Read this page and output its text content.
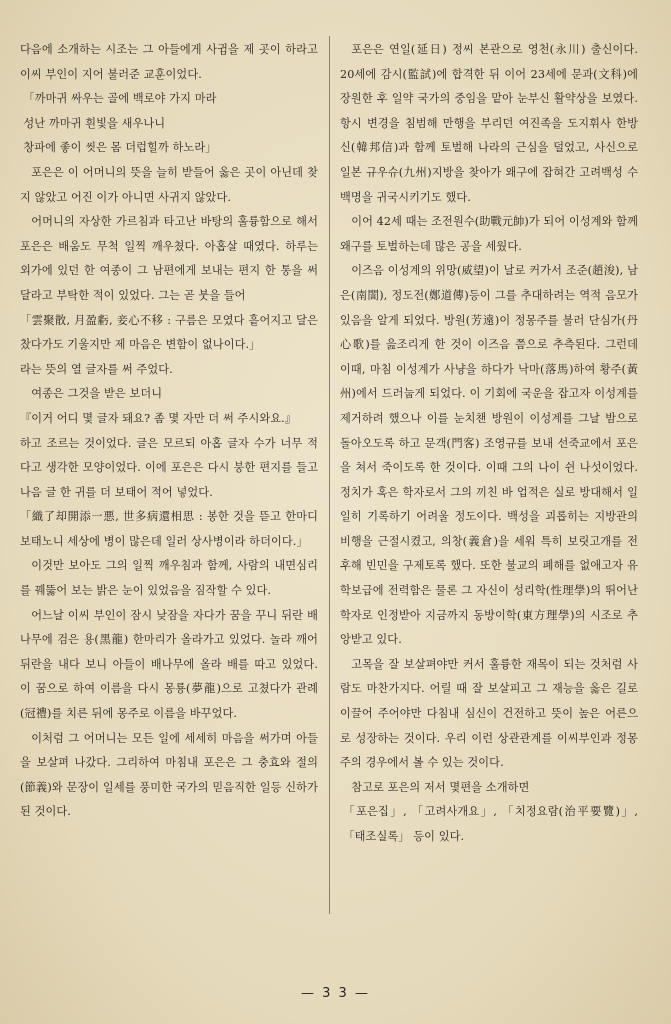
다음에 소개하는 시조는 그 아들에게 사귐을 제 곳이 하라고 이씨 부인이 지어 불러준 교훈이었다.

「까마귀 싸우는 골에 백로야 가지 마라

성난 까마귀 흰빛을 새우나니

창파에 좋이 씻은 몸 더럽힐까 하노라」

포은은 이 어머니의 뜻을 늘히 받들어 옳은 곳이 아닌데 찾지 않았고 어진 이가 아니면 사귀지 않았다.

어머니의 자상한 가르침과 타고난 바탕의 훌륭함으로 해서 포은은 배움도 무척 일찍 깨우쳤다. 아홉살 때였다. 하루는 외가에 있던 한 여종이 그 남편에게 보내는 편지 한 통을 써달라고 부탁한 적이 있었다. 그는 곧 붓을 들어

「雲聚散, 月盈虧, 妾心不移 : 구름은 모였다 흩어지고 달은 찼다가도 기울지만 제 마음은 변함이 없나이다.」

라는 뜻의 열 글자를 써 주었다.

여종은 그것을 받은 보더니

『이거 어디 몇 글자 돼요? 좀 몇 자만 더 써 주시와요.』

하고 조르는 것이었다. 글은 모르되 아홉 글자 수가 너무 적다고 생각한 모양이었다. 이에 포은은 다시 붕한 편지를 들고 나음 글 한 귀를 더 보태어 적어 넣었다.

「織了却開添一悪, 世多病還相思 : 봉한 것을 뜯고 한마디 보태노니 세상에 병이 많은데 일러 상사병이라 하더이다.」

이것만 보아도 그의 일찍 깨우침과 함께, 사람의 내면심리를 꿰뚫어 보는 밝은 눈이 있었음을 짐작할 수 있다.

어느날 이씨 부인이 잠시 낮잠을 자다가 꿈을 꾸니 뒤란 배나무에 검은 용(黑龍) 한마리가 올라가고 있었다. 놀라 깨어 뒤란을 내다 보니 아들이 배나무에 올라 배를 따고 있었다. 이 꿈으로 하여 이름을 다시 몽룡(夢龍)으로 고쳤다가 관례(冠禮)를 치른 뒤에 몽주로 이름을 바꾸었다.

이처럼 그 어머니는 모든 일에 세세히 마음을 써가며 아들을 보살펴 나갔다. 그리하여 마침내 포은은 그 충효와 절의(節義)와 문장이 일세를 풍미한 국가의 믿음직한 일등 신하가 된 것이다.

포은은 연일(延日) 정씨 본관으로 영천(永川) 출신이다. 20세에 감시(監試)에 합격한 뒤 이어 23세에 문과(文科)에 장원한 후 일약 국가의 중임을 맡아 눈부신 활약상을 보였다. 항시 변경을 침범해 만행을 부리던 여진족을 도지휘사 한방신(韓邦信)과 함께 토벌해 나라의 근심을 덜었고, 사신으로 일본 규우슈(九州)지방을 찾아가 왜구에 잡혀간 고려백성 수백명을 귀국시키기도 했다.

이어 42세 때는 조전원수(助戰元帥)가 되어 이성계와 함께 왜구를 토벌하는데 많은 공을 세웠다.

이즈음 이성계의 위망(威望)이 날로 커가서 조준(趙浚), 남은(南誾), 정도전(鄭道傳)등이 그를 추대하려는 역적 음모가 있음을 알게 되었다. 방원(芳遠)이 정몽주를 불러 단심가(丹心歌)를 읊조리게 한 것이 이즈음 쯤으로 추측된다. 그런데 이때, 마침 이성계가 사냥을 하다가 낙마(落馬)하여 황주(黃州)에서 드러눕게 되었다. 이 기회에 국운을 잡고자 이성계를 제거하려 했으나 이를 눈치챈 방원이 이성계를 그날 밤으로 돌아오도록 하고 문객(門客) 조영규를 보내 선죽교에서 포은을 쳐서 죽이도록 한 것이다. 이때 그의 나이 쉰 나섯이었다. 정치가 혹은 학자로서 그의 끼친 바 업적은 실로 방대해서 일일히 기록하기 어려울 정도이다. 백성을 괴롭히는 지방관의 비행을 근절시켰고, 의창(義倉)을 세워 특히 보릿고개를 전 후해 빈민을 구제토록 했다. 또한 불교의 폐해를 없애고자 유학보급에 전력함은 물론 그 자신이 성리학(性理學)의 뛰어난 학자로 인정받아 지금까지 동방이학(東方理學)의 시조로 추앙받고 있다.

고목을 잘 보살펴야만 커서 훌륭한 재목이 되는 것처럼 사람도 마찬가지다. 어릴 때 잘 보살피고 그 재능을 옳은 길로 이끌어 주어야만 다침내 심신이 건전하고 뜻이 높은 어른으로 성장하는 것이다. 우리 이런 상관관계를 이씨부인과 정몽주의 경우에서 볼 수 있는 것이다.

참고로 포은의 저서 몇편을 소개하면

「포은집」, 「고려사개요」, 「치정요람(治平要覽)」, 「태조실록」 등이 있다.

— 3 3 —
